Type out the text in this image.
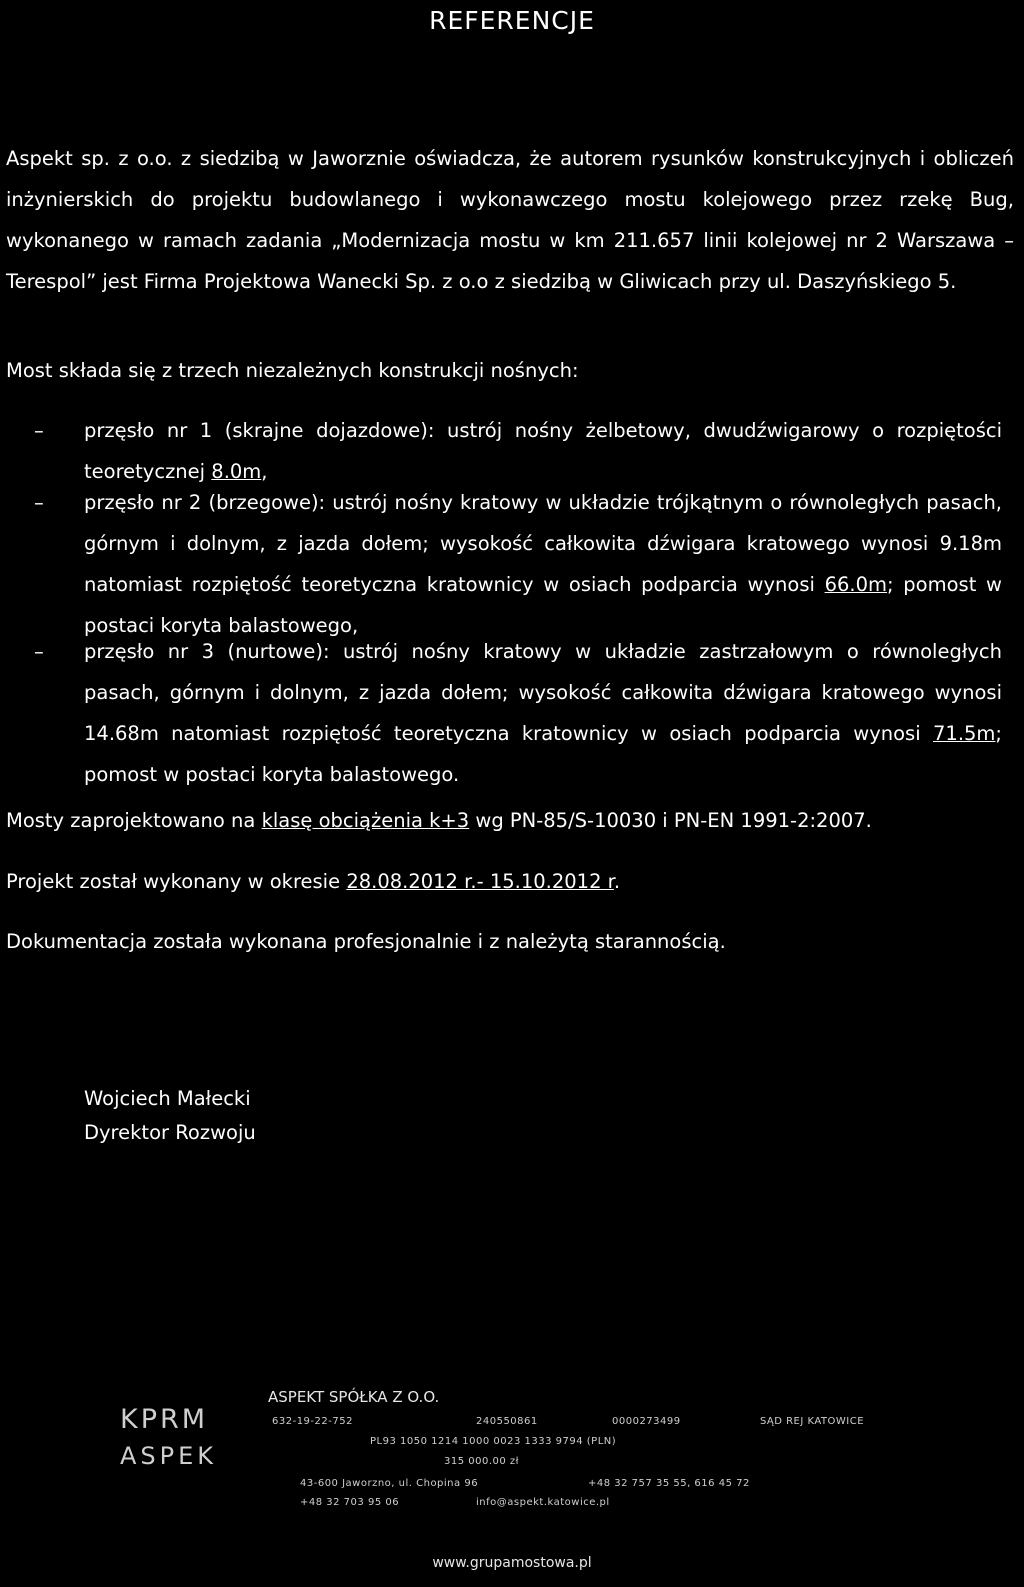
REFERENCJE

Aspekt sp. z o.o. z siedzibą w Jaworznie oświadcza, że autorem rysunków konstrukcyjnych i obliczeń inżynierskich do projektu budowlanego i wykonawczego mostu kolejowego przez rzekę Bug, wykonanego w ramach zadania „Modernizacja mostu w km 211.657 linii kolejowej nr 2 Warszawa – Terespol” jest Firma Projektowa Wanecki Sp. z o.o z siedzibą w Gliwicach przy ul. Daszyńskiego 5.

Most składa się z trzech niezależnych konstrukcji nośnych:

– przęsło nr 1 (skrajne dojazdowe): ustrój nośny żelbetowy, dwudźwigarowy o rozpiętości teoretycznej 8.0m,
– przęsło nr 2 (brzegowe): ustrój nośny kratowy w układzie trójkątnym o równoległych pasach, górnym i dolnym, z jazda dołem; wysokość całkowita dźwigara kratowego wynosi 9.18m natomiast rozpiętość teoretyczna kratownicy w osiach podparcia wynosi 66.0m; pomost w postaci koryta balastowego,
– przęsło nr 3 (nurtowe): ustrój nośny kratowy w układzie zastrzałowym o równoległych pasach, górnym i dolnym, z jazda dołem; wysokość całkowita dźwigara kratowego wynosi 14.68m natomiast rozpiętość teoretyczna kratownicy w osiach podparcia wynosi 71.5m; pomost w postaci koryta balastowego.

Mosty zaprojektowano na klasę obciążenia k+3 wg PN-85/S-10030 i PN-EN 1991-2:2007.

Projekt został wykonany w okresie 28.08.2012 r.- 15.10.2012 r.

Dokumentacja została wykonana profesjonalnie i z należytą starannością.

Wojciech Małecki
Dyrektor Rozwoju
KPRM
ASPEK
ASPEKT SPÓŁKA Z O.O.
632-19-22-752	240550861	0000273499	SĄD REJ KATOWICE
PL93 1050 1214 1000 0023 1333 9794 (PLN)
315 000.00 zł
43-600 Jaworzno, ul. Chopina 96	+48 32 757 35 55, 616 45 72
+48 32 703 95 06	info@aspekt.katowice.pl
www.grupamostowa.pl
